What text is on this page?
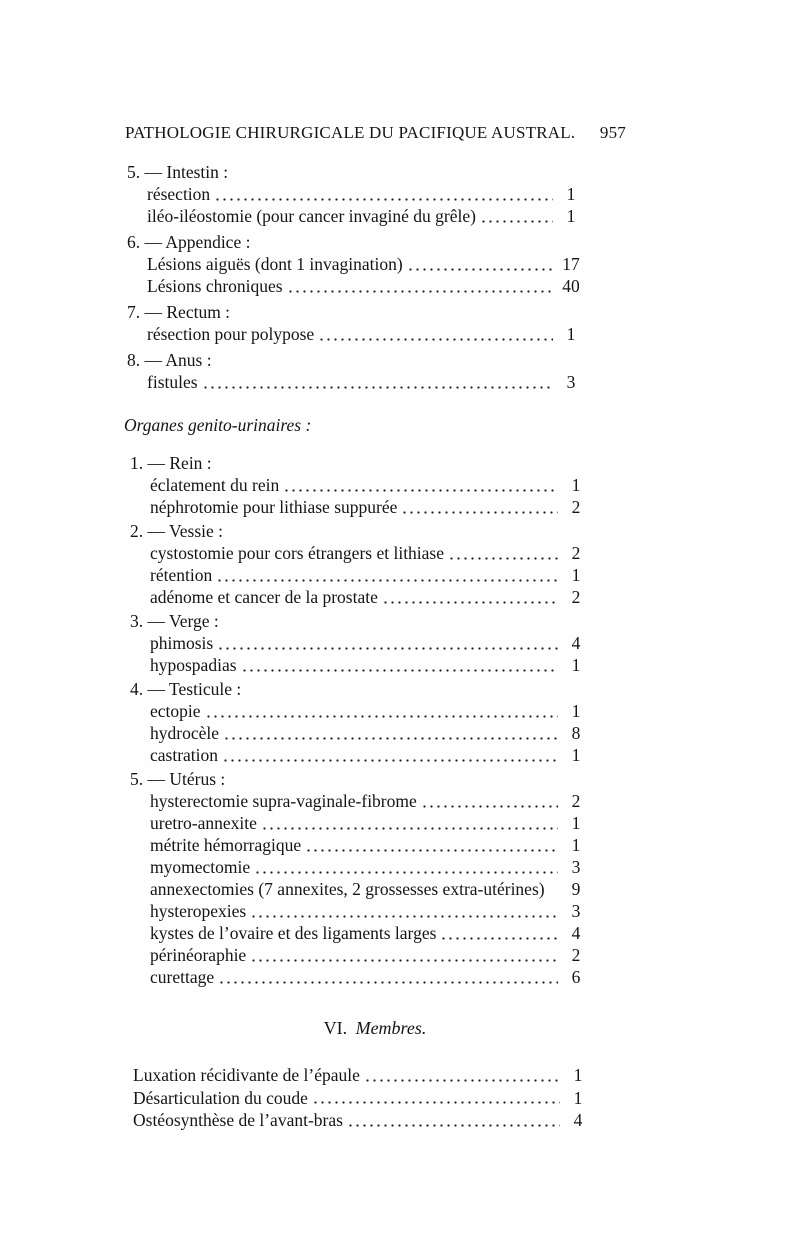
PATHOLOGIE CHIRURGICALE DU PACIFIQUE AUSTRAL. 957
5. — Intestin :
résection	1
iléo-iléostomie (pour cancer invaginé du grêle)	1
6. — Appendice :
Lésions aiguës (dont 1 invagination)	17
Lésions chroniques	40
7. — Rectum :
résection pour polypose	1
8. — Anus :
fistules	3
Organes genito-urinaires :
1. — Rein :
éclatement du rein	1
néphrotomie pour lithiase suppurée	2
2. — Vessie :
cystostomie pour cors étrangers et lithiase	2
rétention	1
adénome et cancer de la prostate	2
3. — Verge :
phimosis	4
hypospadias	1
4. — Testicule :
ectopie	1
hydrocèle	8
castration	1
5. — Utérus :
hysterectomie supra-vaginale-fibrome	2
uretro-annexite	1
métrite hémorragique	1
myomectomie	3
annexectomies (7 annexites, 2 grossesses extra-utérines)	9
hysteropexies	3
kystes de l’ovaire et des ligaments larges	4
périnéoraphie	2
curettage	6
VI. Membres.
Luxation récidivante de l’épaule	1
Désarticulation du coude	1
Ostéosynthèse de l’avant-bras	4
